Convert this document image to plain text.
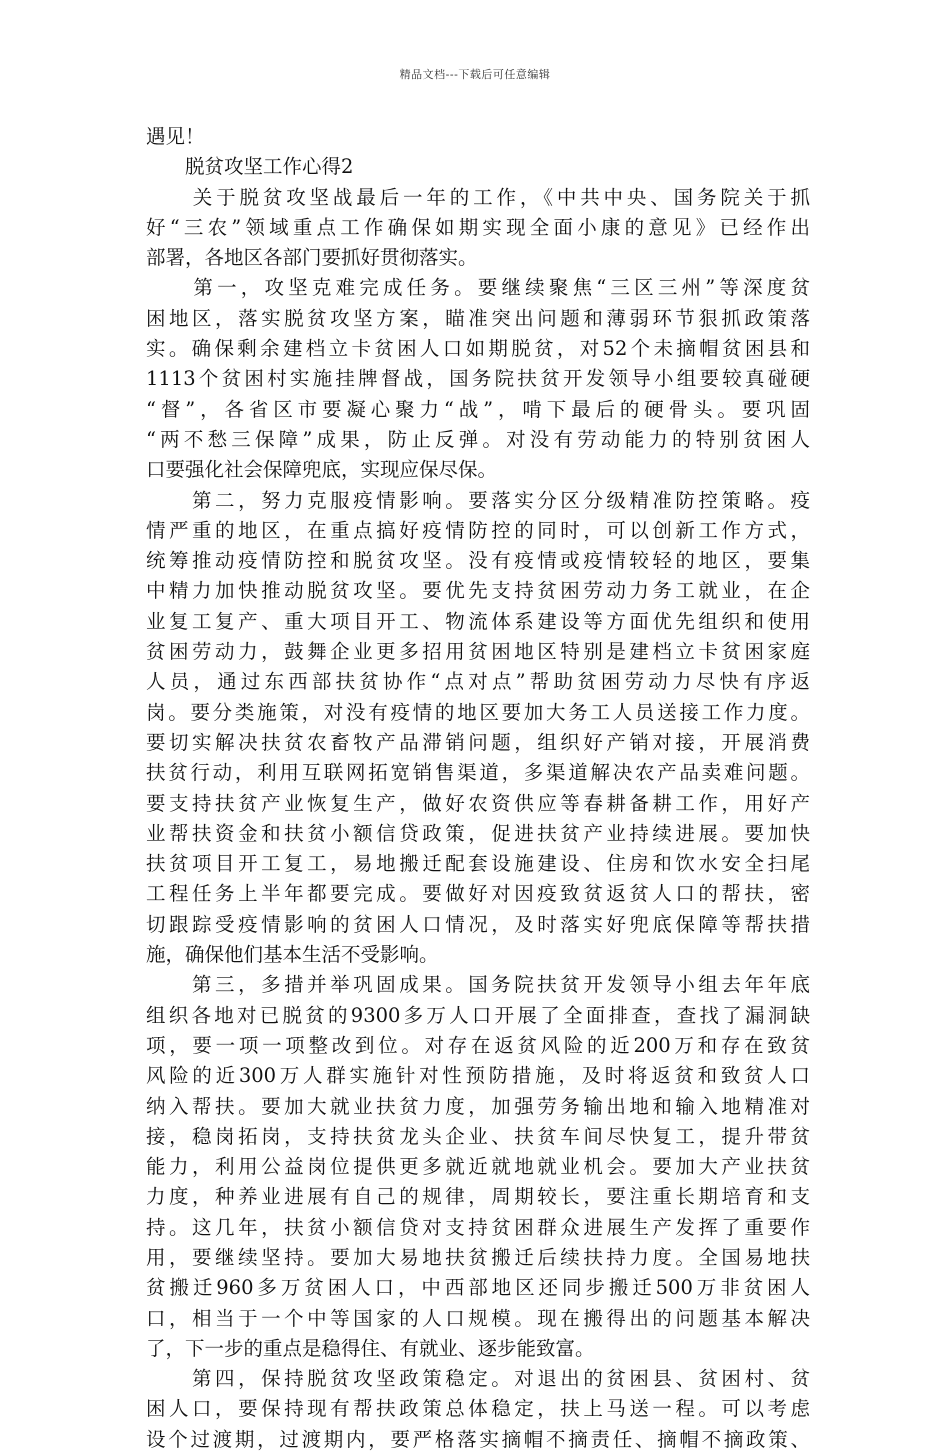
精品文档---下载后可任意编辑
遇见！
　　脱贫攻坚工作心得2
　　关于脱贫攻坚战最后一年的工作，《中共中央、国务院关于抓
好“三农”领域重点工作确保如期实现全面小康的意见》已经作出
部署，各地区各部门要抓好贯彻落实。
　　第一，攻坚克难完成任务。要继续聚焦“三区三州”等深度贫
困地区，落实脱贫攻坚方案，瞄准突出问题和薄弱环节狠抓政策落
实。确保剩余建档立卡贫困人口如期脱贫，对52个未摘帽贫困县和
1113个贫困村实施挂牌督战，国务院扶贫开发领导小组要较真碰硬
“督”，各省区市要凝心聚力“战”，啃下最后的硬骨头。要巩固
“两不愁三保障”成果，防止反弹。对没有劳动能力的特别贫困人
口要强化社会保障兜底，实现应保尽保。
　　第二，努力克服疫情影响。要落实分区分级精准防控策略。疫
情严重的地区，在重点搞好疫情防控的同时，可以创新工作方式，
统筹推动疫情防控和脱贫攻坚。没有疫情或疫情较轻的地区，要集
中精力加快推动脱贫攻坚。要优先支持贫困劳动力务工就业，在企
业复工复产、重大项目开工、物流体系建设等方面优先组织和使用
贫困劳动力，鼓舞企业更多招用贫困地区特别是建档立卡贫困家庭
人员，通过东西部扶贫协作“点对点”帮助贫困劳动力尽快有序返
岗。要分类施策，对没有疫情的地区要加大务工人员送接工作力度。
要切实解决扶贫农畜牧产品滞销问题，组织好产销对接，开展消费
扶贫行动，利用互联网拓宽销售渠道，多渠道解决农产品卖难问题。
要支持扶贫产业恢复生产，做好农资供应等春耕备耕工作，用好产
业帮扶资金和扶贫小额信贷政策，促进扶贫产业持续进展。要加快
扶贫项目开工复工，易地搬迁配套设施建设、住房和饮水安全扫尾
工程任务上半年都要完成。要做好对因疫致贫返贫人口的帮扶，密
切跟踪受疫情影响的贫困人口情况，及时落实好兜底保障等帮扶措
施，确保他们基本生活不受影响。
　　第三，多措并举巩固成果。国务院扶贫开发领导小组去年年底
组织各地对已脱贫的9300多万人口开展了全面排查，查找了漏洞缺
项，要一项一项整改到位。对存在返贫风险的近200万和存在致贫
风险的近300万人群实施针对性预防措施，及时将返贫和致贫人口
纳入帮扶。要加大就业扶贫力度，加强劳务输出地和输入地精准对
接，稳岗拓岗，支持扶贫龙头企业、扶贫车间尽快复工，提升带贫
能力，利用公益岗位提供更多就近就地就业机会。要加大产业扶贫
力度，种养业进展有自己的规律，周期较长，要注重长期培育和支
持。这几年，扶贫小额信贷对支持贫困群众进展生产发挥了重要作
用，要继续坚持。要加大易地扶贫搬迁后续扶持力度。全国易地扶
贫搬迁960多万贫困人口，中西部地区还同步搬迁500万非贫困人
口，相当于一个中等国家的人口规模。现在搬得出的问题基本解决
了，下一步的重点是稳得住、有就业、逐步能致富。
　　第四，保持脱贫攻坚政策稳定。对退出的贫困县、贫困村、贫
困人口，要保持现有帮扶政策总体稳定，扶上马送一程。可以考虑
设个过渡期，过渡期内，要严格落实摘帽不摘责任、摘帽不摘政策、
